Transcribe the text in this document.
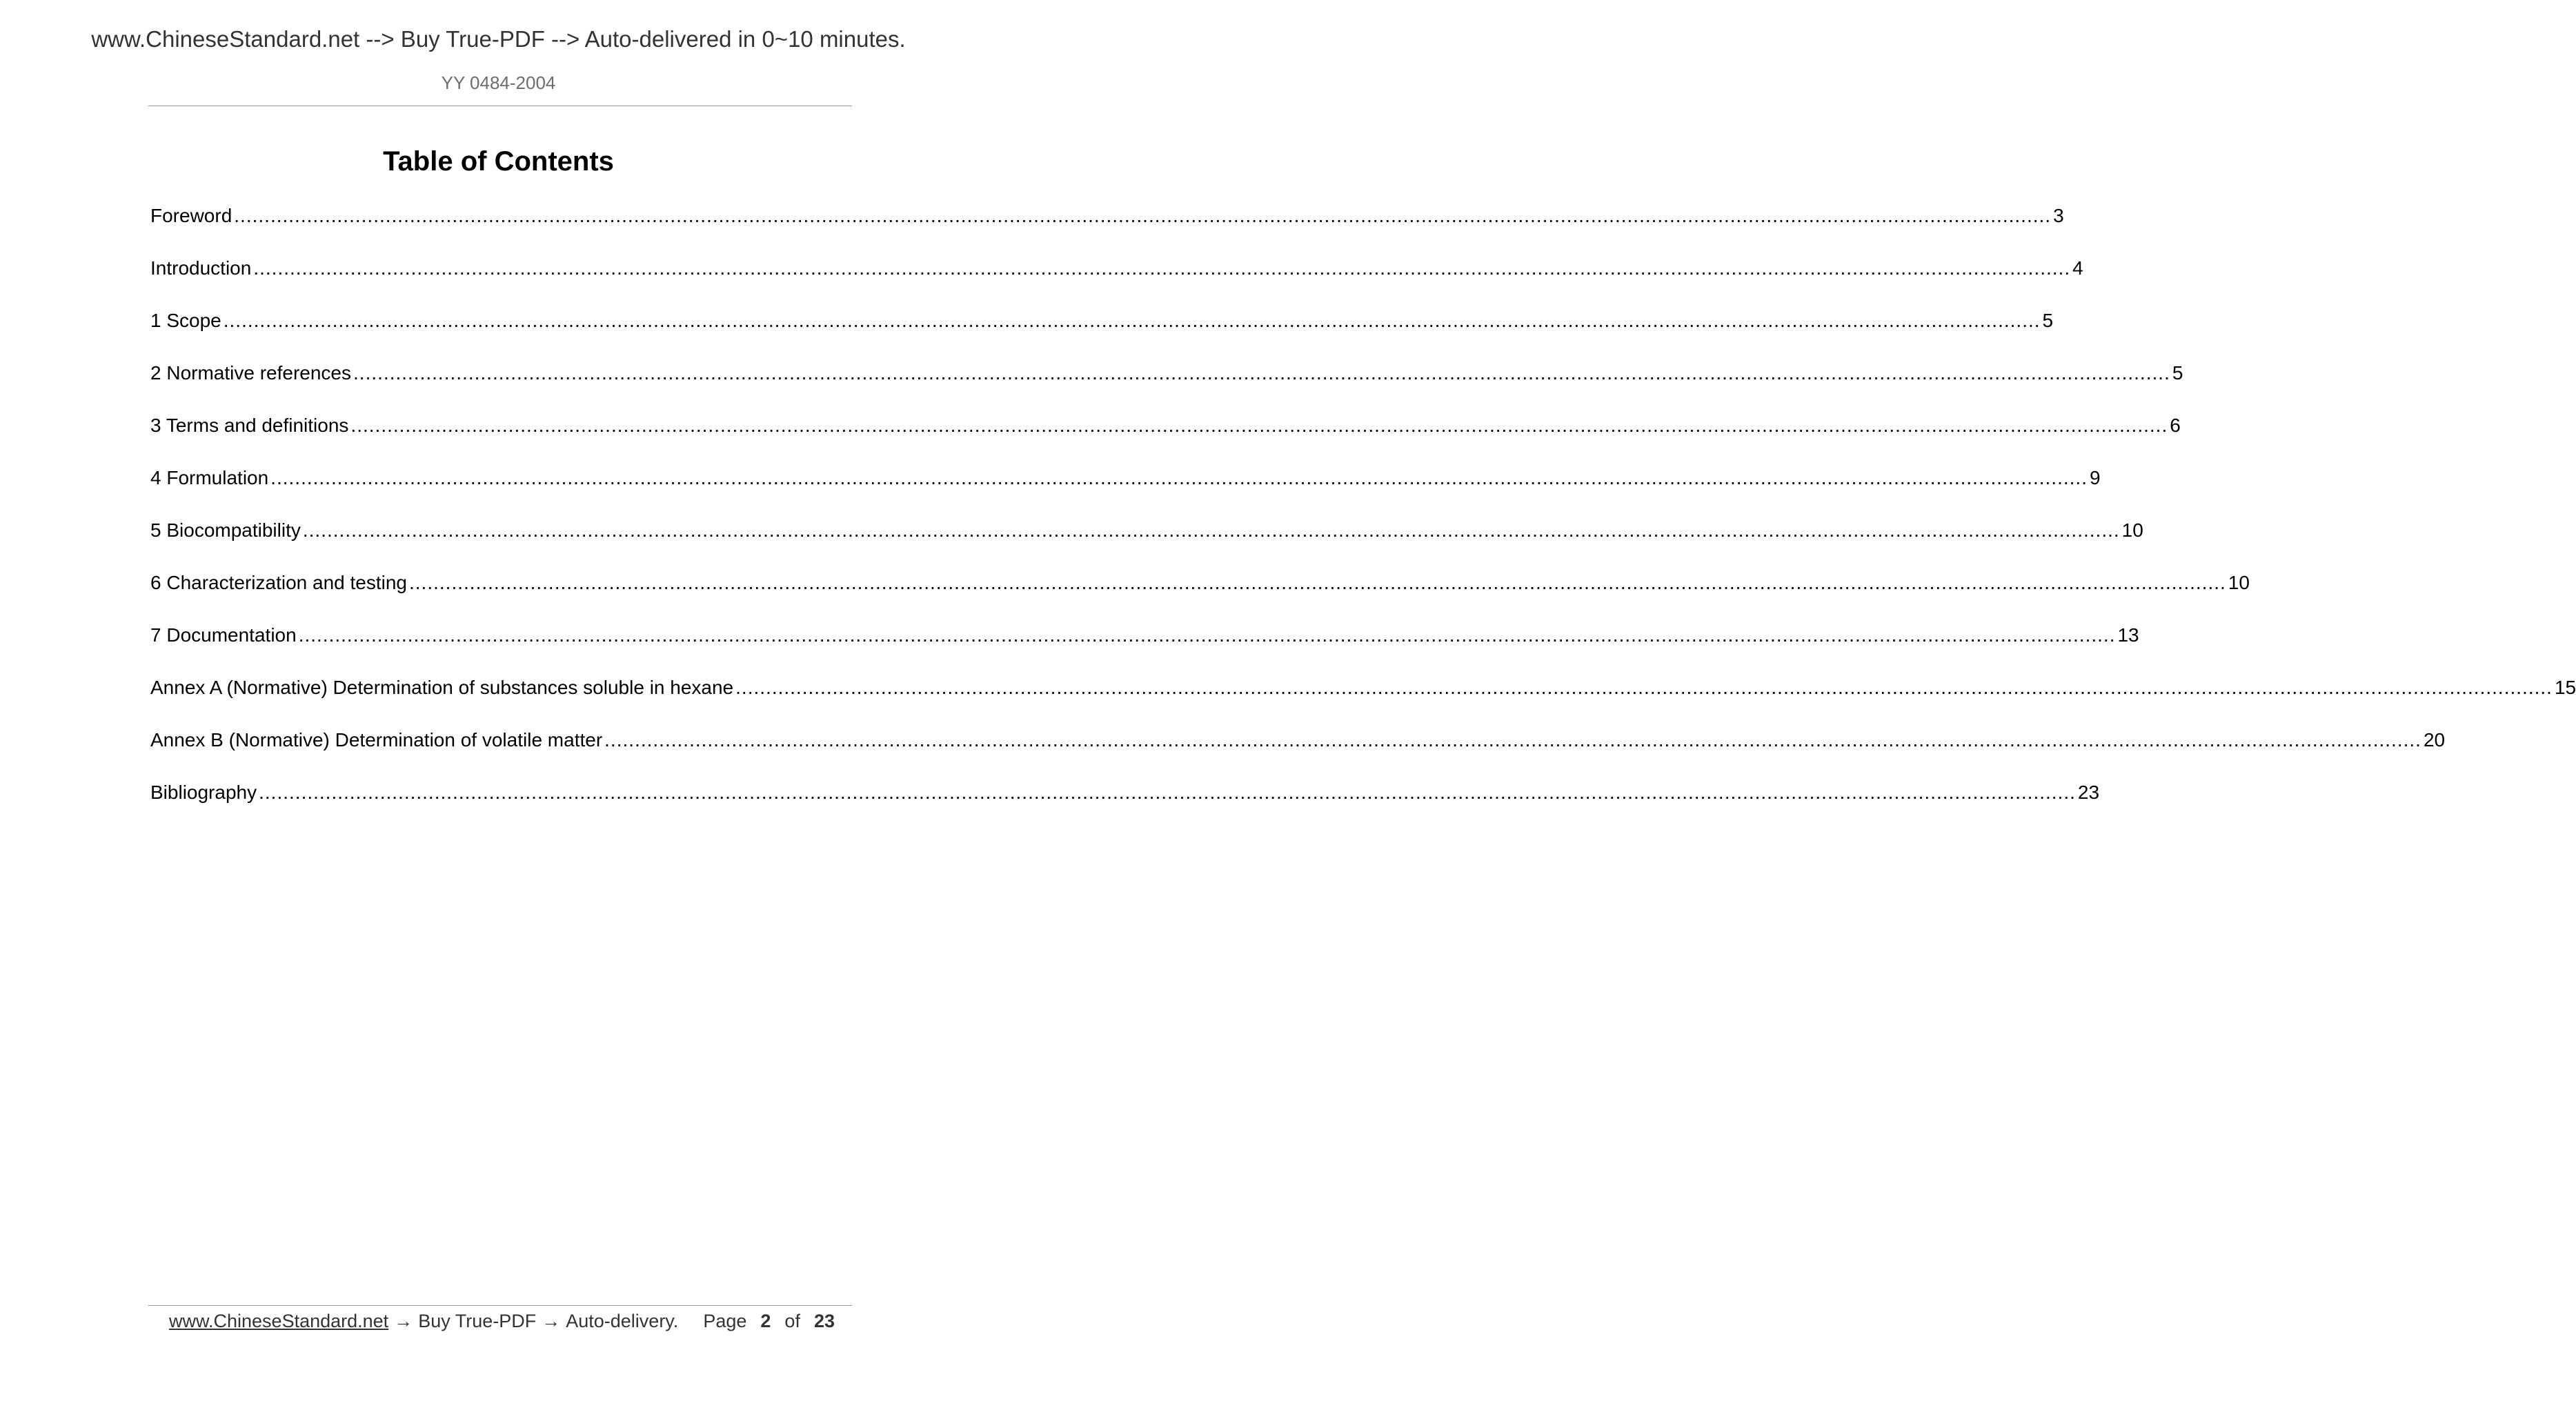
www.ChineseStandard.net --> Buy True-PDF --> Auto-delivered in 0~10 minutes.
YY 0484-2004
Table of Contents
Foreword ............................................................................................................................................................................................................................................................................................................ 3
Introduction ............................................................................................................................................................................................................................................................................................................ 4
1 Scope ............................................................................................................................................................................................................................................................................................................ 5
2 Normative references ............................................................................................................................................................................................................................................................................................................ 5
3 Terms and definitions ............................................................................................................................................................................................................................................................................................................ 6
4 Formulation ............................................................................................................................................................................................................................................................................................................ 9
5 Biocompatibility ............................................................................................................................................................................................................................................................................................................ 10
6 Characterization and testing ............................................................................................................................................................................................................................................................................................................ 10
7 Documentation ............................................................................................................................................................................................................................................................................................................ 13
Annex A (Normative) Determination of substances soluble in hexane ............................................................................................................................................................................................................................................................................................................ 15
Annex B (Normative) Determination of volatile matter ............................................................................................................................................................................................................................................................................................................ 20
Bibliography ............................................................................................................................................................................................................................................................................................................ 23
www.ChineseStandard.net → Buy True-PDF → Auto-delivery. Page 2 of 23
